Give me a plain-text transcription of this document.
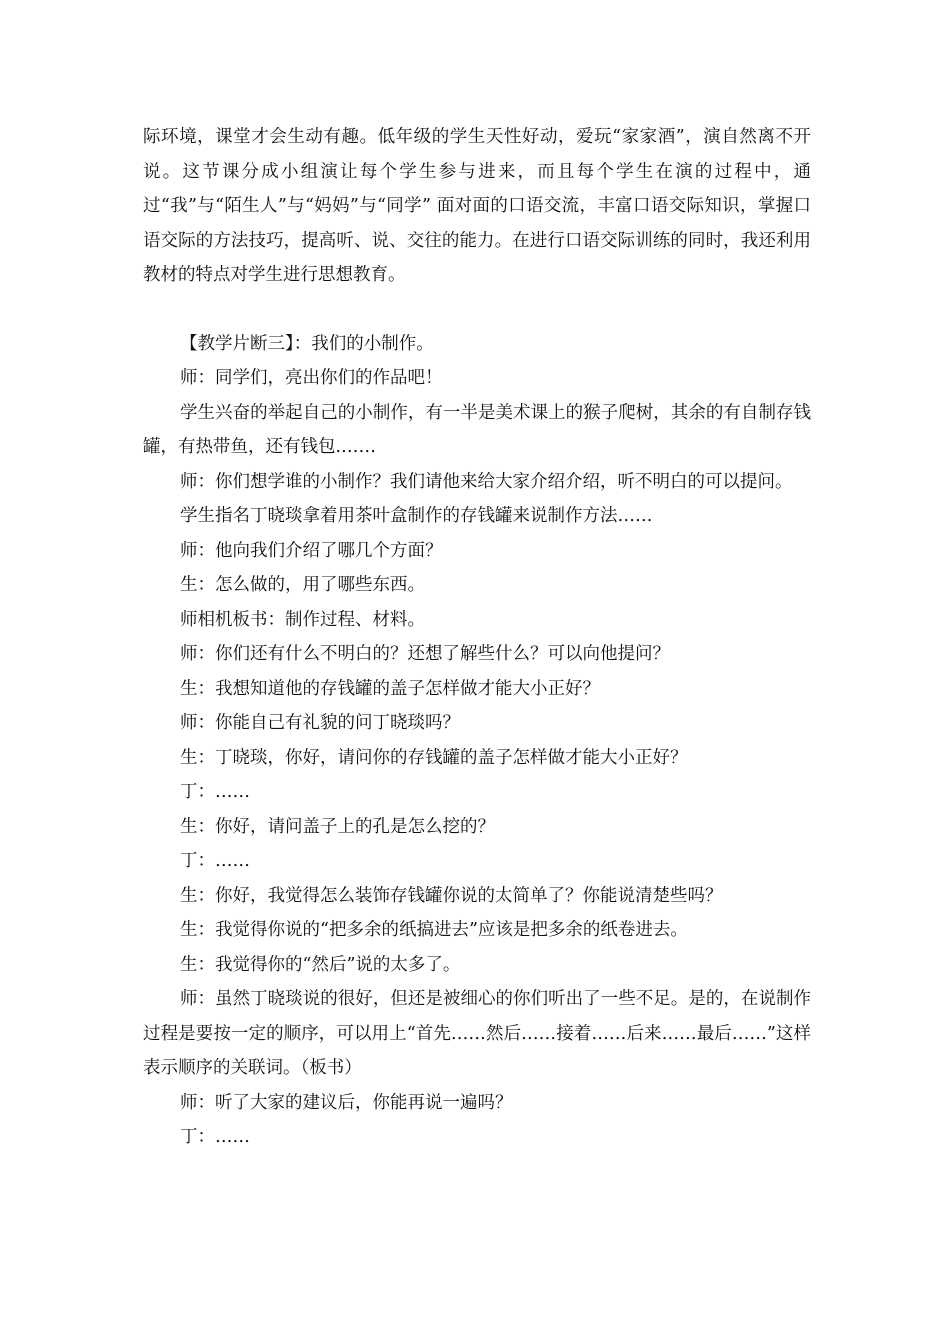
际环境，课堂才会生动有趣。低年级的学生天性好动，爱玩“家家酒”，演自然离不开说。这节课分成小组演让每个学生参与进来，而且每个学生在演的过程中，通过“我”与“陌生人”与“妈妈”与“同学” 面对面的口语交流，丰富口语交际知识，掌握口语交际的方法技巧，提高听、说、交往的能力。在进行口语交际训练的同时，我还利用教材的特点对学生进行思想教育。

【教学片断三】：我们的小制作。

师：同学们，亮出你们的作品吧！

学生兴奋的举起自己的小制作，有一半是美术课上的猴子爬树，其余的有自制存钱罐，有热带鱼，还有钱包.……

师：你们想学谁的小制作？我们请他来给大家介绍介绍，听不明白的可以提问。

学生指名丁晓琰拿着用茶叶盒制作的存钱罐来说制作方法……

师：他向我们介绍了哪几个方面？

生：怎么做的，用了哪些东西。

师相机板书：制作过程、材料。

师：你们还有什么不明白的？还想了解些什么？可以向他提问？

生：我想知道他的存钱罐的盖子怎样做才能大小正好？

师：你能自己有礼貌的问丁晓琰吗？

生：丁晓琰，你好，请问你的存钱罐的盖子怎样做才能大小正好？

丁：……

生：你好，请问盖子上的孔是怎么挖的？

丁：……

生：你好，我觉得怎么装饰存钱罐你说的太简单了？你能说清楚些吗？

生：我觉得你说的“把多余的纸搞进去”应该是把多余的纸卷进去。

生：我觉得你的“然后”说的太多了。

师：虽然丁晓琰说的很好，但还是被细心的你们听出了一些不足。是的，在说制作过程是要按一定的顺序，可以用上“首先……然后……接着……后来……最后……”这样表示顺序的关联词。（板书）

师：听了大家的建议后，你能再说一遍吗？

丁：……
